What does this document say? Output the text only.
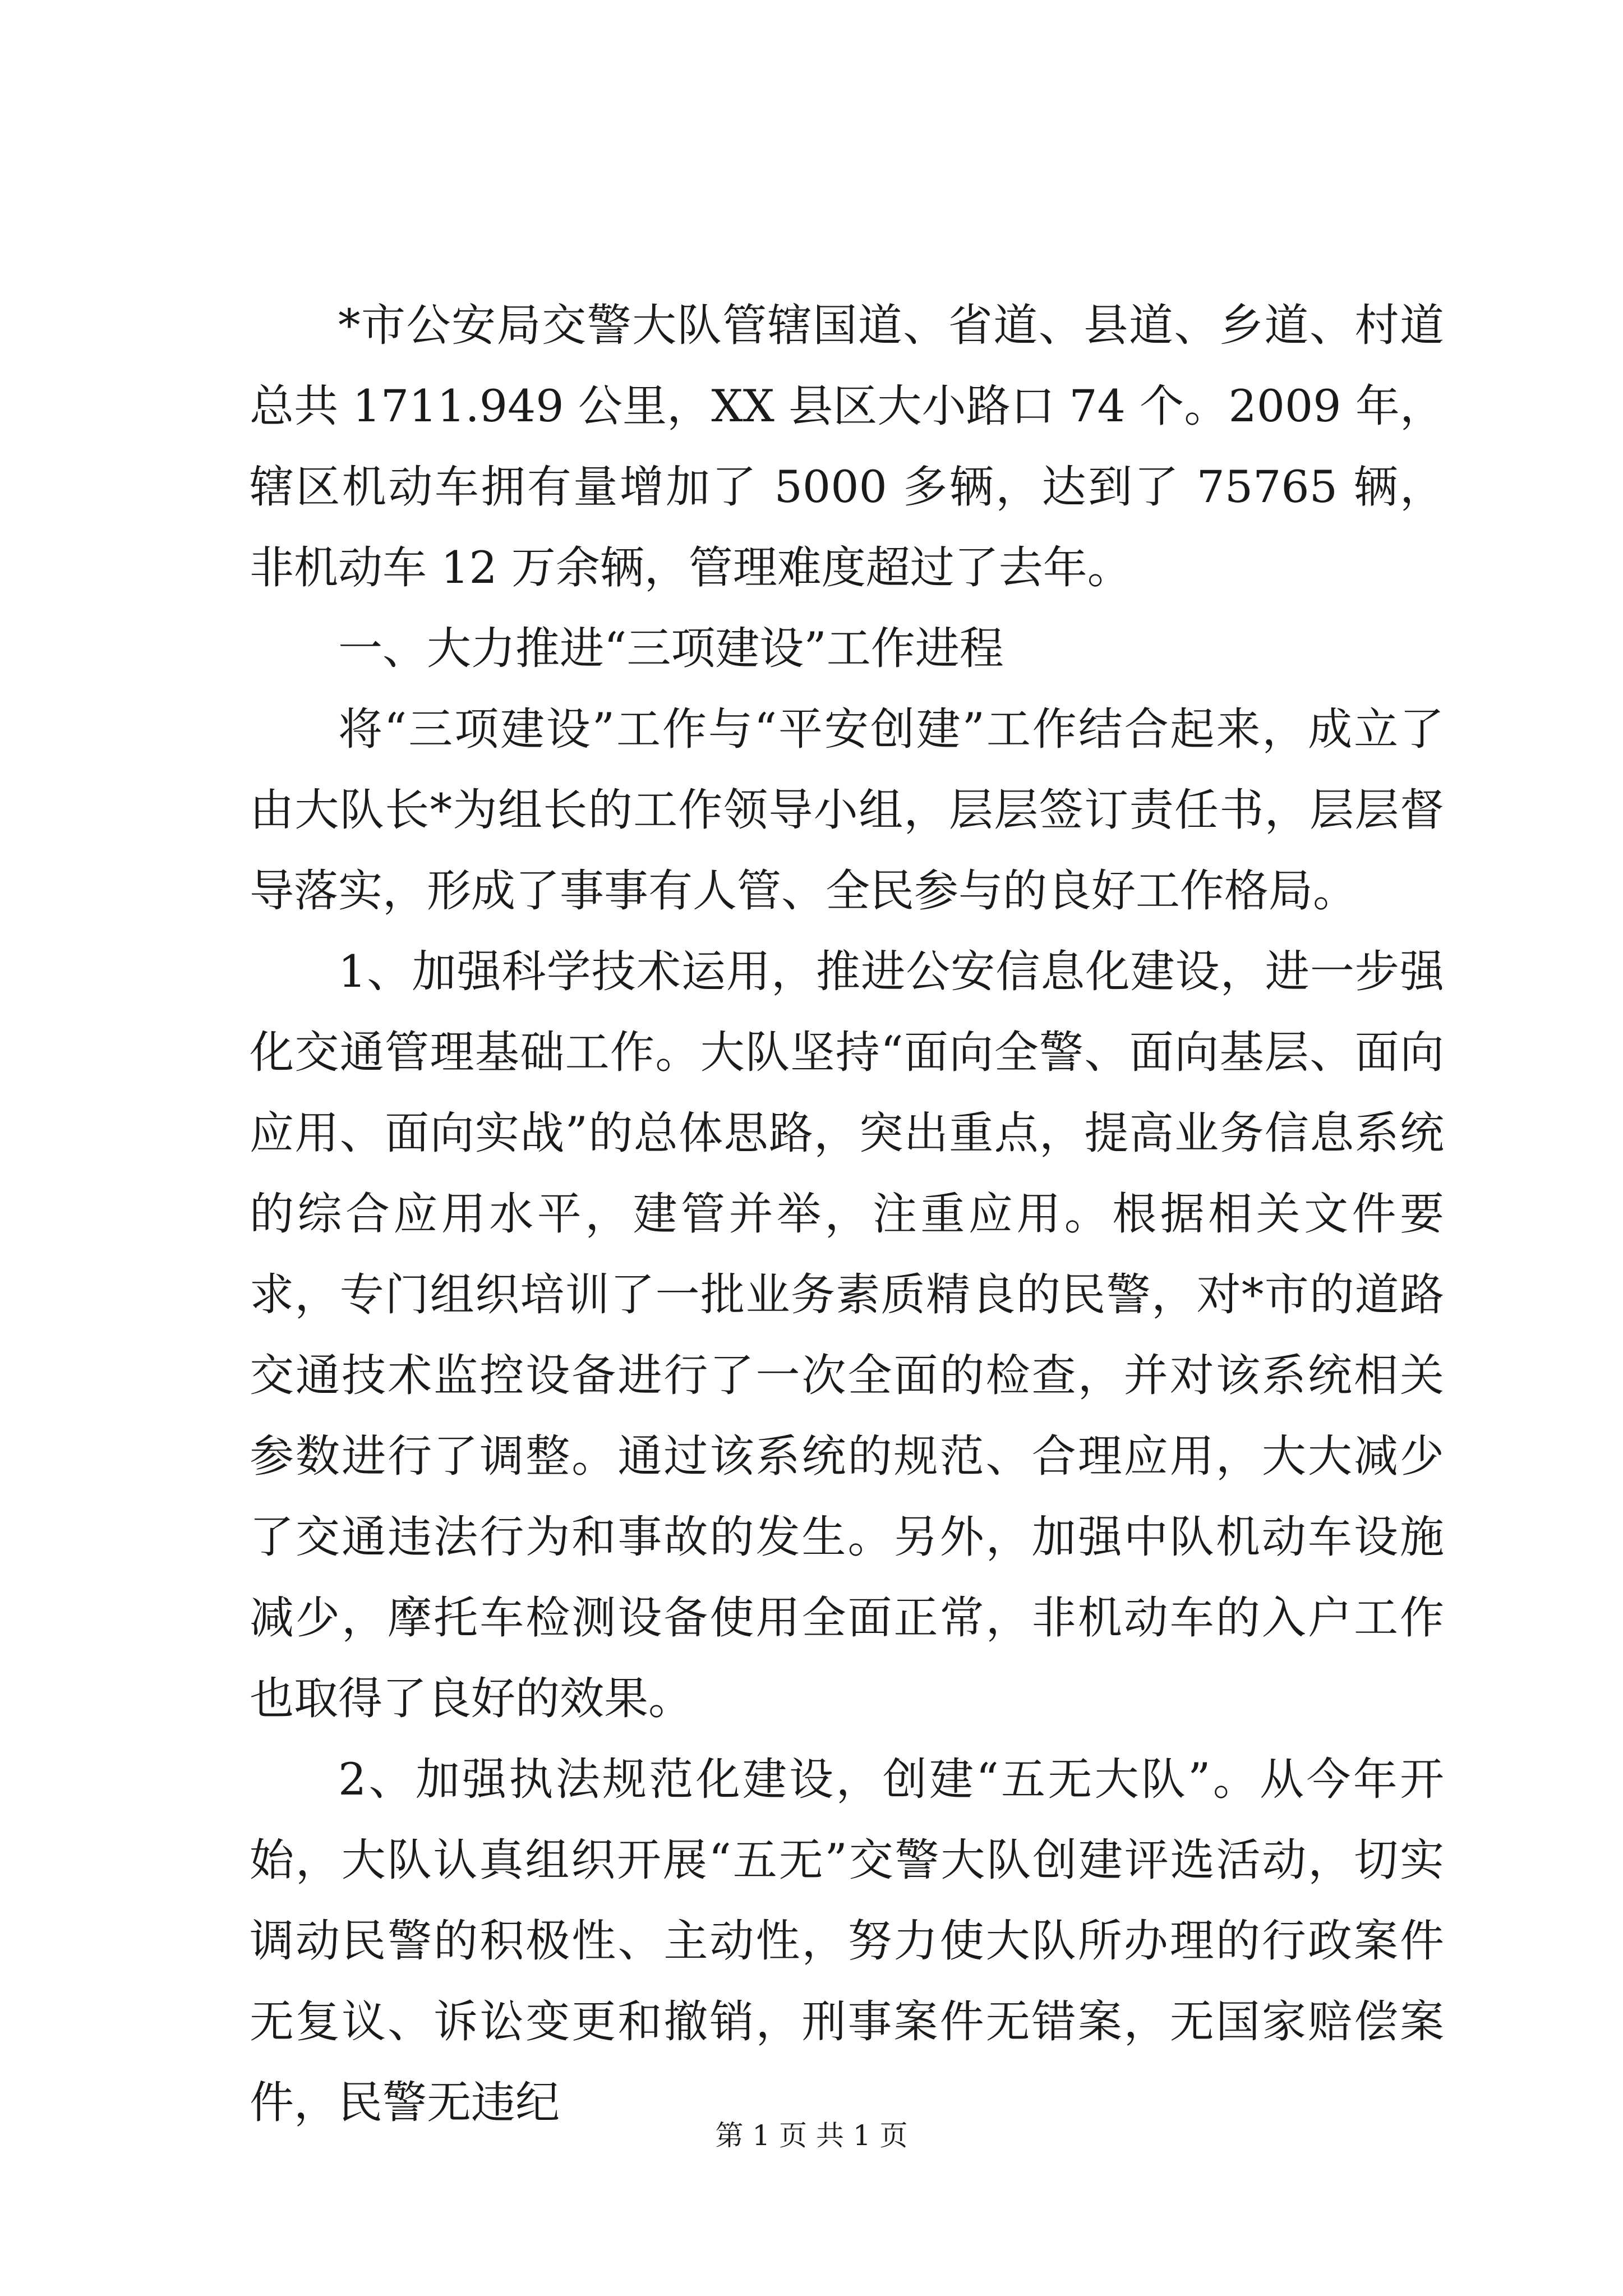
*市公安局交警大队管辖国道、省道、县道、乡道、村道总共 1711.949 公里，XX 县区大小路口 74 个。2009 年，辖区机动车拥有量增加了 5000 多辆，达到了 75765 辆，非机动车 12 万余辆，管理难度超过了去年。

一、大力推进“三项建设”工作进程

将“三项建设”工作与“平安创建”工作结合起来，成立了由大队长*为组长的工作领导小组，层层签订责任书，层层督导落实，形成了事事有人管、全民参与的良好工作格局。

1、加强科学技术运用，推进公安信息化建设，进一步强化交通管理基础工作。大队坚持“面向全警、面向基层、面向应用、面向实战”的总体思路，突出重点，提高业务信息系统的综合应用水平，建管并举，注重应用。根据相关文件要求，专门组织培训了一批业务素质精良的民警，对*市的道路交通技术监控设备进行了一次全面的检查，并对该系统相关参数进行了调整。通过该系统的规范、合理应用，大大减少了交通违法行为和事故的发生。另外，加强中队机动车设施减少，摩托车检测设备使用全面正常，非机动车的入户工作也取得了良好的效果。

2、加强执法规范化建设，创建“五无大队”。从今年开始，大队认真组织开展“五无”交警大队创建评选活动，切实调动民警的积极性、主动性，努力使大队所办理的行政案件无复议、诉讼变更和撤销，刑事案件无错案，无国家赔偿案件，民警无违纪

第 1 页 共 1 页
